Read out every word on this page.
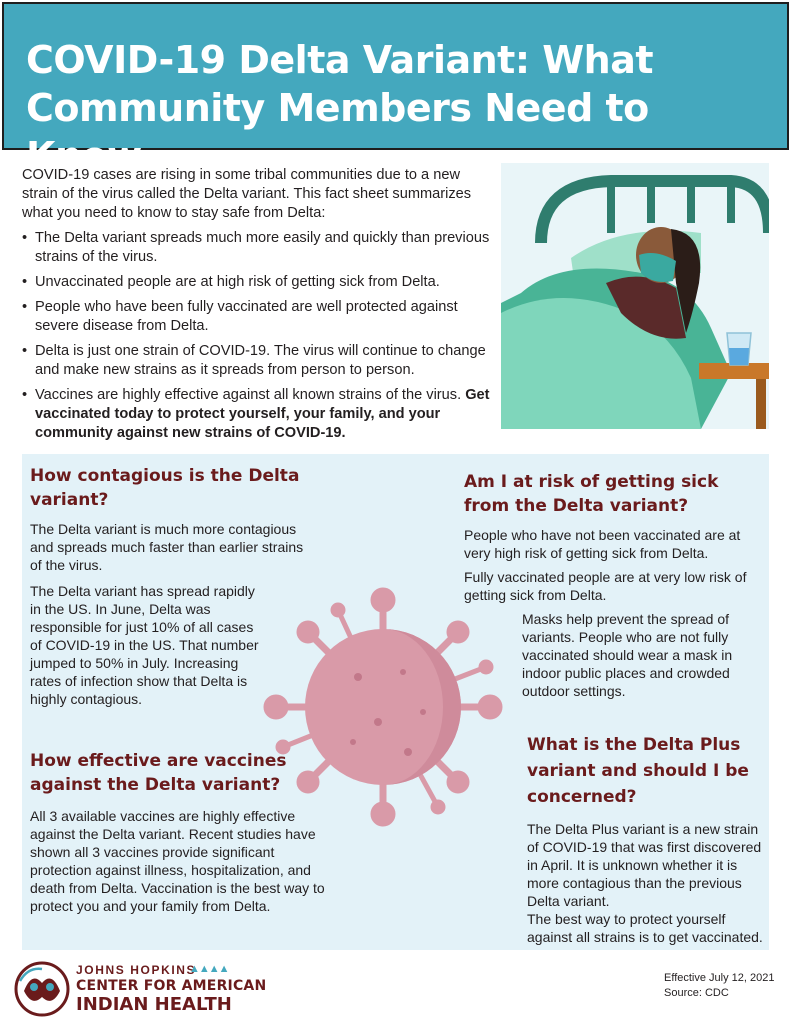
COVID-19 Delta Variant: What
Community Members Need to Know

COVID-19 cases are rising in some tribal communities due to a new strain of the virus called the Delta variant. This fact sheet summarizes what you need to know to stay safe from Delta:

• The Delta variant spreads much more easily and quickly than previous strains of the virus.
• Unvaccinated people are at high risk of getting sick from Delta.
• People who have been fully vaccinated are well protected against severe disease from Delta.
• Delta is just one strain of COVID-19. The virus will continue to change and make new strains as it spreads from person to person.
• Vaccines are highly effective against all known strains of the virus. Get vaccinated today to protect yourself, your family, and your community against new strains of COVID-19.
How contagious is the Delta variant?

The Delta variant is much more contagious and spreads much faster than earlier strains of the virus.

The Delta variant has spread rapidly in the US. In June, Delta was responsible for just 10% of all cases of COVID-19 in the US. That number jumped to 50% in July. Increasing rates of infection show that Delta is highly contagious.

Am I at risk of getting sick from the Delta variant?

People who have not been vaccinated are at very high risk of getting sick from Delta.

Fully vaccinated people are at very low risk of getting sick from Delta.

Masks help prevent the spread of variants. People who are not fully vaccinated should wear a mask in indoor public places and crowded outdoor settings.

How effective are vaccines against the Delta variant?

All 3 available vaccines are highly effective against the Delta variant. Recent studies have shown all 3 vaccines provide significant protection against illness, hospitalization, and death from Delta. Vaccination is the best way to protect you and your family from Delta.

What is the Delta Plus variant and should I be concerned?

The Delta Plus variant is a new strain of COVID-19 that was first discovered in April. It is unknown whether it is more contagious than the previous Delta variant.

The best way to protect yourself against all strains is to get vaccinated.

JOHNS HOPKINS
▲▲▲▲
CENTER FOR AMERICAN
INDIAN HEALTH
Effective July 12, 2021
Source: CDC
